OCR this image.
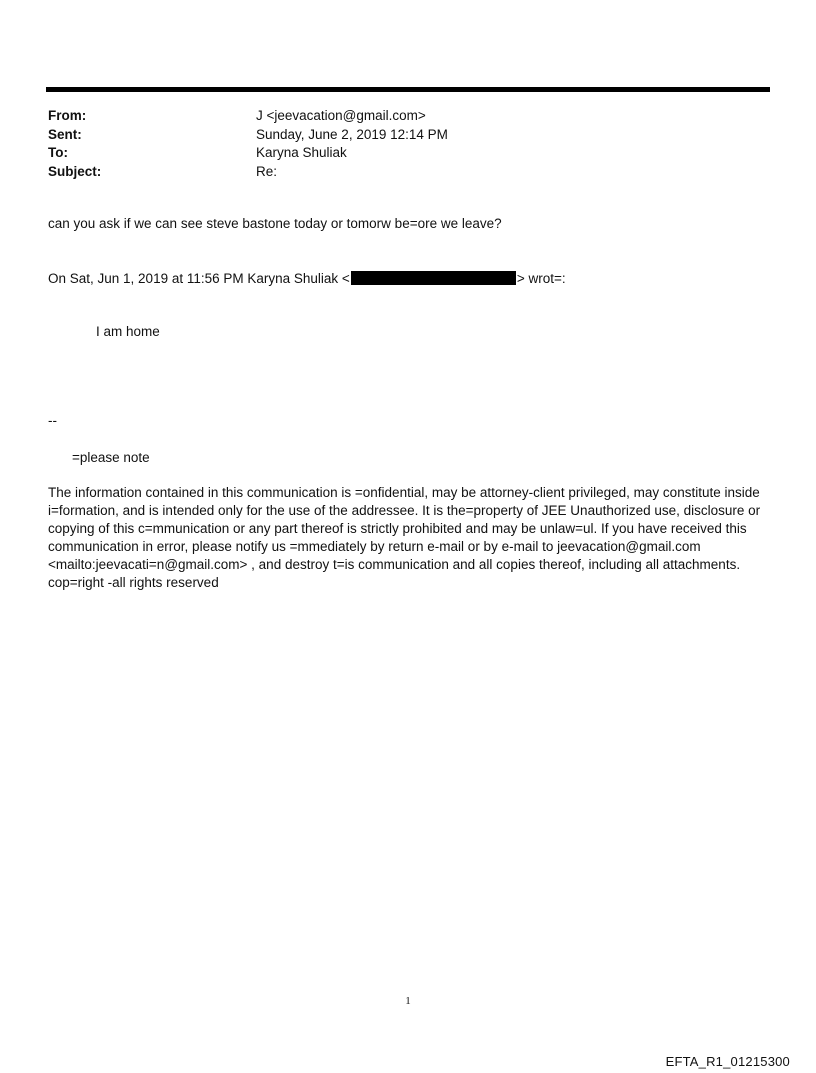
From:	J <jeevacation@gmail.com>
Sent:	Sunday, June 2, 2019 12:14 PM
To:	Karyna Shuliak
Subject:	Re:
can you ask if we can see steve bastone today or tomorw be=ore we leave?
On Sat, Jun 1, 2019 at 11:56 PM Karyna Shuliak <	> wrot=:
I am home
--
=please note
The information contained in this communication is =onfidential, may be attorney-client privileged, may constitute inside i=formation, and is intended only for the use of the addressee. It is the=property of JEE Unauthorized use, disclosure or copying of this c=mmunication or any part thereof is strictly prohibited and may be unlaw=ul. If you have received this communication in error, please notify us =mmediately by return e-mail or by e-mail to jeevacation@gmail.com <mailto:jeevacati=n@gmail.com> , and destroy t=is communication and all copies thereof, including all attachments. cop=right -all rights reserved
1
EFTA_R1_01215300
